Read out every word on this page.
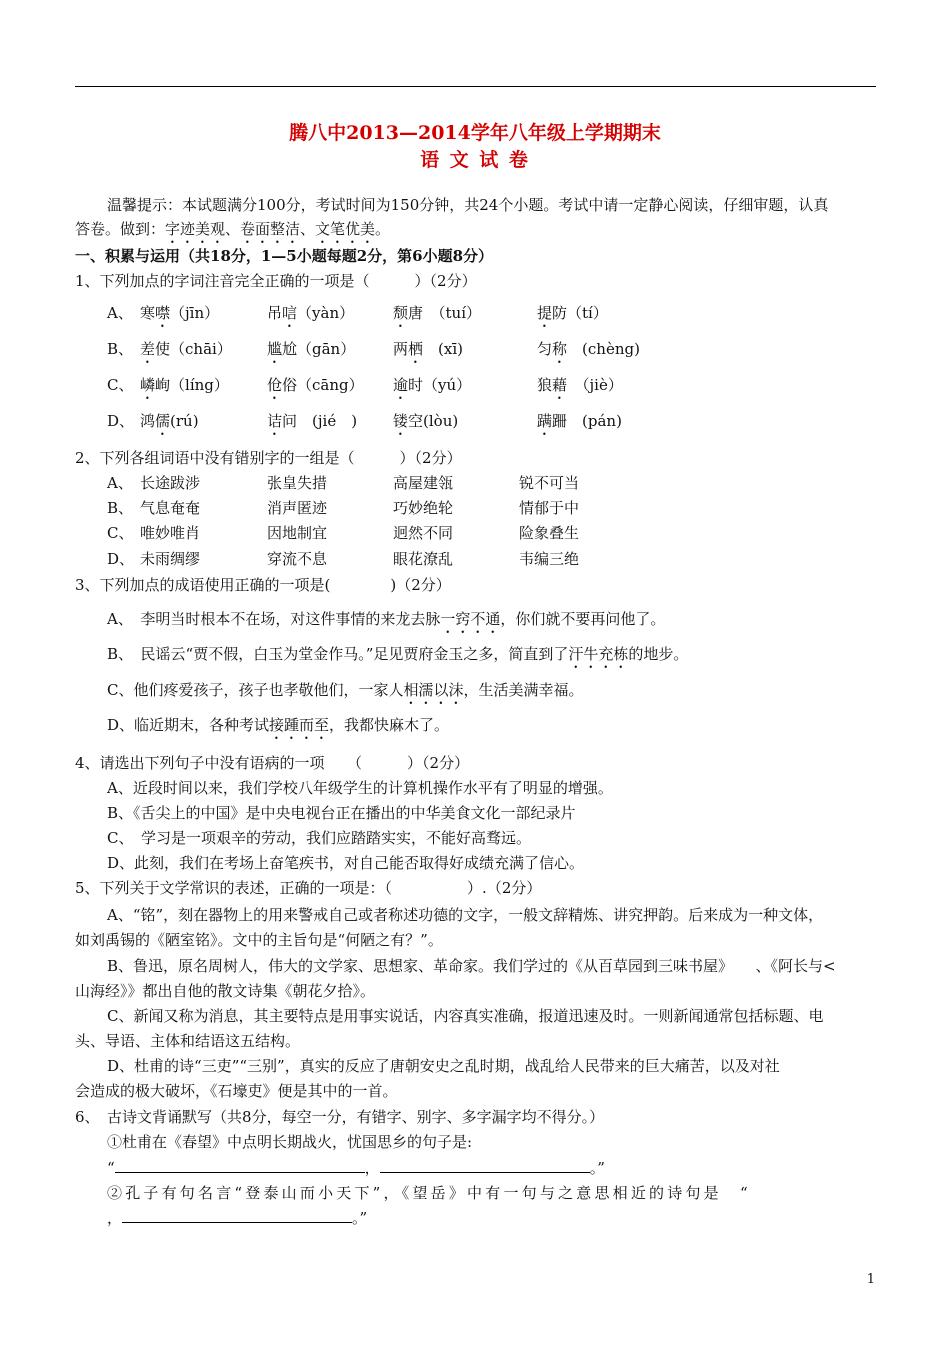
腾八中2013—2014学年八年级上学期期末
语 文 试 卷
温馨提示：本试题满分100分，考试时间为150分钟，共24个小题。考试中请一定静心阅读，仔细审题，认真
答卷。做到：字迹美观、卷面整洁、文笔优美。
一、积累与运用（共18分，1—5小题每题2分，第6小题8分）
1、下列加点的字词注音完全正确的一项是（　　　）（2分）
A、 寒噤（jīn）	吊唁（yàn）	颓唐　（tuí）	提防（tí）
B、 差使（chāi） 尴尬（gān）	两栖　(xī)	匀称　(chèng)
C、 嶙峋（líng）	伧俗（cāng） 逾时（yú）	狼藉　（jiè）
D、 鸿儒(rú)	诘问　(jié　) 镂空(lòu)	蹒跚　(pán)
2、下列各组词语中没有错别字的一组是（　　　）（2分）
A、 长途跋涉	张皇失措	高屋建瓴	锐不可当
B、 气息奄奄	消声匿迹	巧妙绝轮	情郁于中
C、 唯妙唯肖	因地制宜	迥然不同	险象叠生
D、 未雨绸缪	穿流不息	眼花潦乱	韦编三绝
3、下列加点的成语使用正确的一项是(　　　　)（2分）
A、　李明当时根本不在场，对这件事情的来龙去脉一窍不通，你们就不要再问他了。
B、　民谣云“贾不假，白玉为堂金作马。”足见贾府金玉之多，简直到了汗牛充栋的地步。
C、他们疼爱孩子，孩子也孝敬他们，一家人相濡以沫，生活美满幸福。
D、临近期末，各种考试接踵而至，我都快麻木了。
4、请选出下列句子中没有语病的一项　　（　　　）（2分）
A、近段时间以来，我们学校八年级学生的计算机操作水平有了明显的增强。
B、《舌尖上的中国》是中央电视台正在播出的中华美食文化一部纪录片
C、　学习是一项艰辛的劳动，我们应踏踏实实，不能好高骛远。
D、此刻，我们在考场上奋笔疾书，对自己能否取得好成绩充满了信心。
5、下列关于文学常识的表述，正确的一项是：（　　　　　）.（2分）
A、“铭”，刻在器物上的用来警戒自己或者称述功德的文字，一般文辞精炼、讲究押韵。后来成为一种文体，
如刘禹锡的《陋室铭》。文中的主旨句是“何陋之有？”。
B、鲁迅，原名周树人，伟大的文学家、思想家、革命家。我们学过的《从百草园到三味书屋》　　、《阿长与<
山海经》》都出自他的散文诗集《朝花夕拾》。
C、新闻又称为消息，其主要特点是用事实说话，内容真实准确，报道迅速及时。一则新闻通常包括标题、电
头、导语、主体和结语这五结构。
D、杜甫的诗“三吏”“三别”，真实的反应了唐朝安史之乱时期，战乱给人民带来的巨大痛苦，以及对社
会造成的极大破坏，《石壕吏》便是其中的一首。
6、　古诗文背诵默写（共8分，每空一分，有错字、别字、多字漏字均不得分。）
①杜甫在《春望》中点明长期战火，忧国思乡的句子是:
“	，	。”
②孔子有句名言“登泰山而小天下”，《望岳》中有一句与之意思相近的诗句是　“
，	。”
1
